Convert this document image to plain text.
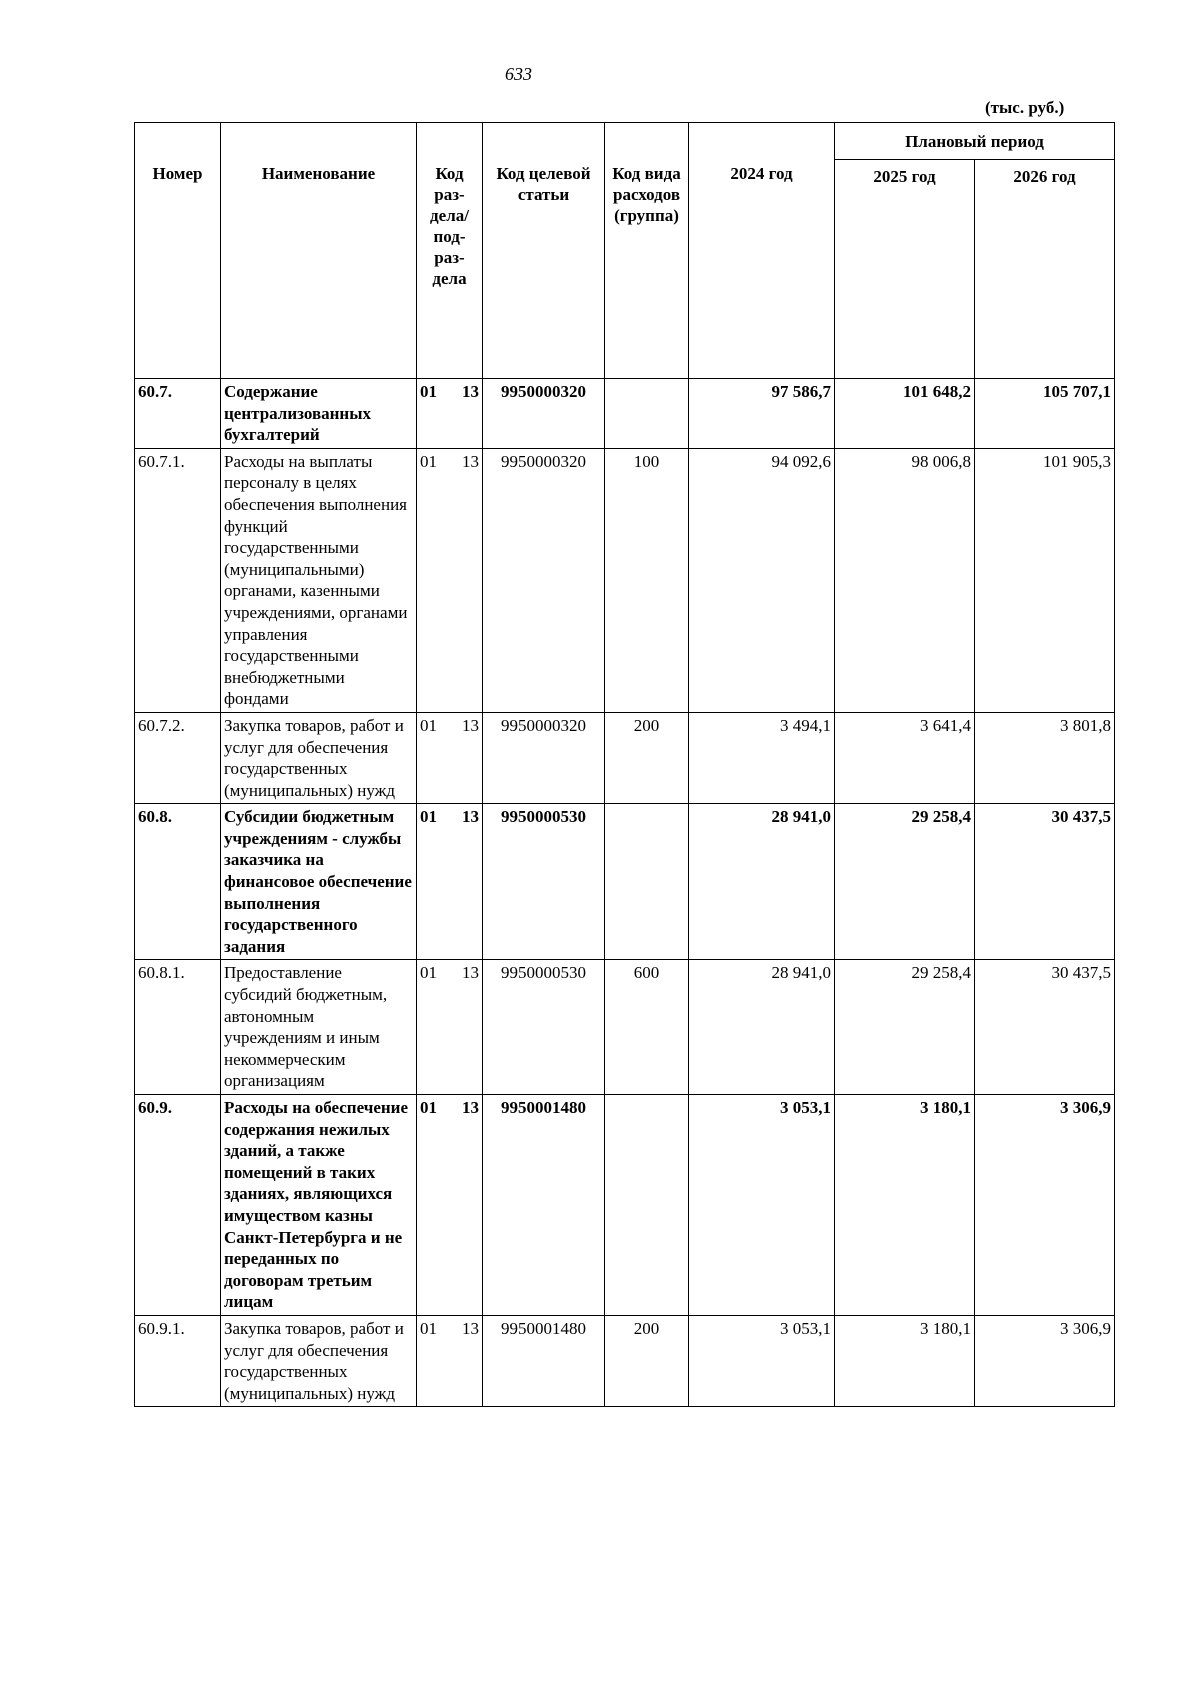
633
(тыс. руб.)
Номер	Наименование	Код раз-дела/ под-раз-дела	Код целевой статьи	Код вида расходов (группа)	2024 год	Плановый период	
						2025 год	2026 год
60.7.	Содержание централизованных бухгалтерий	01 13	9950000320		97 586,7	101 648,2	105 707,1
60.7.1.	Расходы на выплаты персоналу в целях обеспечения выполнения функций государственными (муниципальными) органами, казенными учреждениями, органами управления государственными внебюджетными фондами	01 13	9950000320	100	94 092,6	98 006,8	101 905,3
60.7.2.	Закупка товаров, работ и услуг для обеспечения государственных (муниципальных) нужд	01 13	9950000320	200	3 494,1	3 641,4	3 801,8
60.8.	Субсидии бюджетным учреждениям - службы заказчика на финансовое обеспечение выполнения государственного задания	01 13	9950000530		28 941,0	29 258,4	30 437,5
60.8.1.	Предоставление субсидий бюджетным, автономным учреждениям и иным некоммерческим организациям	01 13	9950000530	600	28 941,0	29 258,4	30 437,5
60.9.	Расходы на обеспечение содержания нежилых зданий, а также помещений в таких зданиях, являющихся имуществом казны Санкт-Петербурга и не переданных по договорам третьим лицам	01 13	9950001480		3 053,1	3 180,1	3 306,9
60.9.1.	Закупка товаров, работ и услуг для обеспечения государственных (муниципальных) нужд	01 13	9950001480	200	3 053,1	3 180,1	3 306,9
